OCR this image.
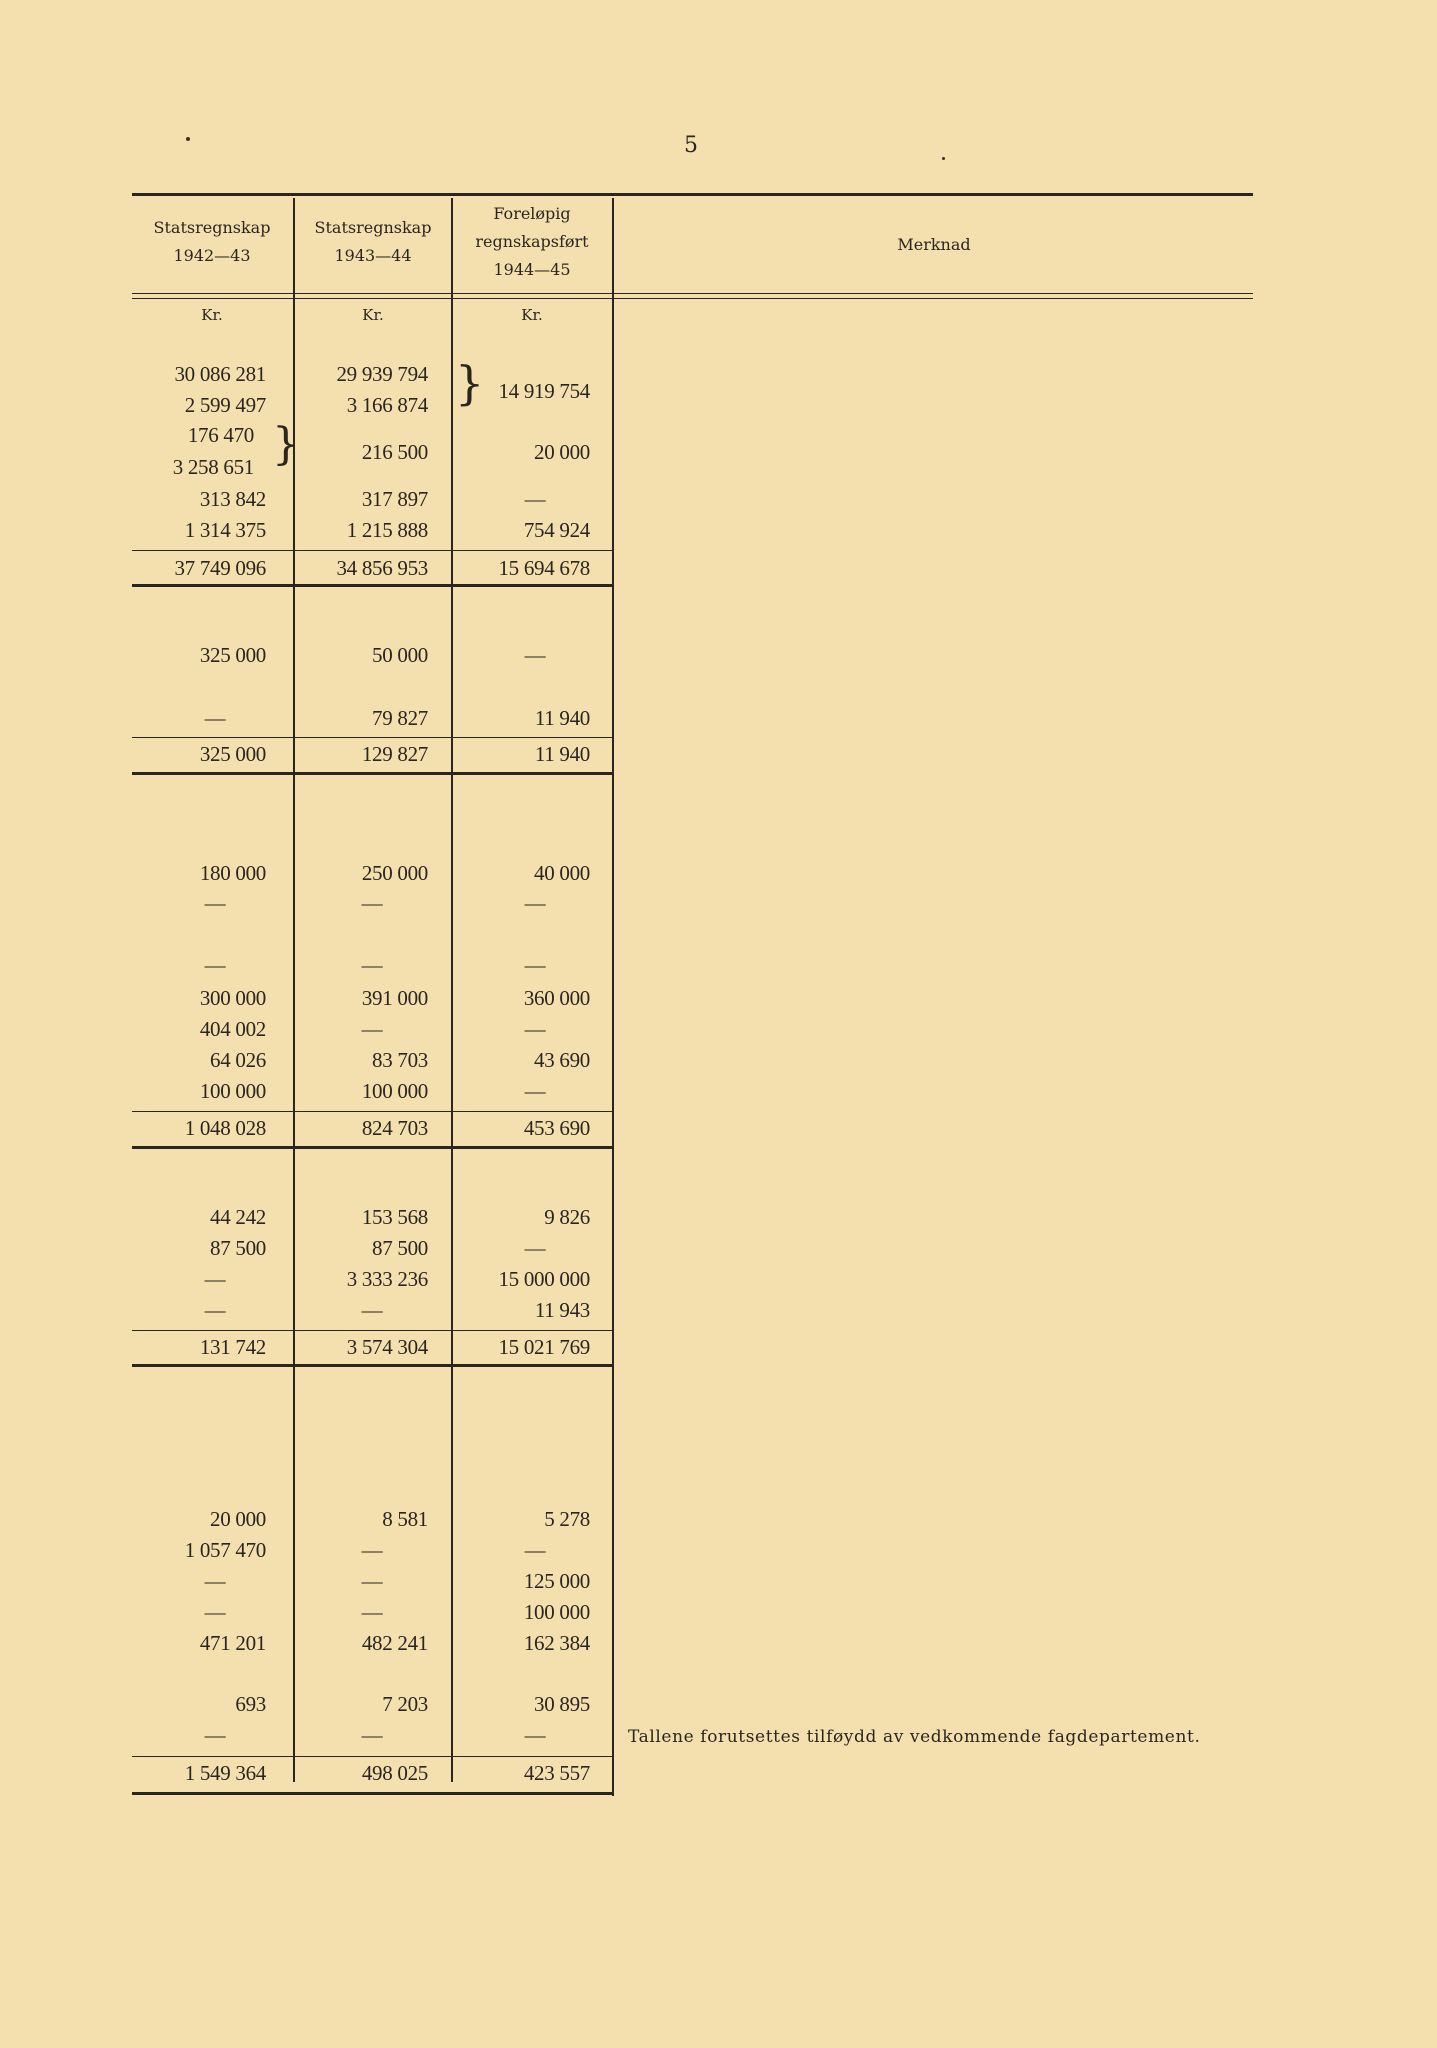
5
Statsregnskap
1942—43
Statsregnskap
1943—44
Foreløpig
regnskapsført
1944—45
Merknad
Kr.	Kr.	Kr.
30 086 281	29 939 794
2 599 497	3 166 874 } 14 919 754
176 470
3 258 651 }	216 500	20 000
313 842	317 897	—
1 314 375	1 215 888	754 924
37 749 096	34 856 953	15 694 678
325 000	50 000	—
—	79 827	11 940
325 000	129 827	11 940
180 000	250 000	40 000
—	—	—
—	—	—
300 000	391 000	360 000
404 002	—	—
64 026	83 703	43 690
100 000	100 000	—
1 048 028	824 703	453 690
44 242	153 568	9 826
87 500	87 500	—
—	3 333 236	15 000 000
—	—	11 943
131 742	3 574 304	15 021 769
20 000	8 581	5 278
1 057 470	—	—
—	—	125 000
—	—	100 000
471 201	482 241	162 384
693	7 203	30 895
—	—	—
1 549 364	498 025	423 557
Tallene forutsettes tilføydd av vedkommende fagdepartement.
